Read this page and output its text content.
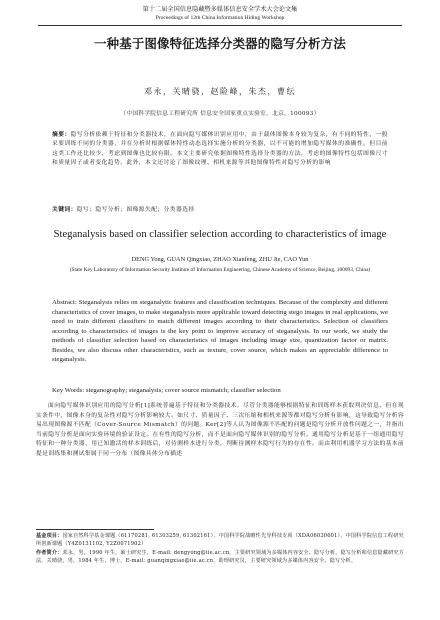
第十二届全国信息隐藏暨多媒体信息安全学术大会论文集
Proceedings of 12th China Information Hiding Workshop
一种基于图像特征选择分类器的隐写分析方法
邓永，关晴骁，赵险峰，朱杰，曹纭
（中国科学院信息工程研究所 信息安全国家重点实验室，北京，100093）
摘要：隐写分析依赖于特征和分类器技术，在面向隐写媒体识别应用中，由于载体图像本身较为复杂，有不同的特性，一般采要训练不同的分类器，并在分析时根据媒体特性动态选择实施分析的分类器，以不可能的增加隐写媒体的准确性。但目前这类工作还比较少，考虑到图像也比较有限。本文主要研究依据图像特性选择分类器的方法，考虑的图像特性包括图像尺寸和质量因子或者变化趋势。此外，本文还讨论了图像纹理、相机来源等其他图像特性对隐写分析的影响
关键词：隐写；隐写分析；图像源失配；分类器选择
Steganalysis based on classifier selection according to characteristics of image
DENG Yong, GUAN Qingxiao, ZHAO Xianfeng, ZHU Jie, CAO Yun
(State Key Laboratory of Information Security Institute of Information Engineering, Chinese Academy of Science, Beijing, 100093, China)
Abstract: Steganalysis relies on steganalytic features and classification techniques. Because of the complexity and different characteristics of cover images, to make steganalysis more applicable toward detecting stego images in real applications, we need to train different classifiers to match different images according to their characteristics. Selection of classifiers according to characteristics of images is the key point to improve accuracy of steganalysis. In our work, we study the methods of classifier selection based on characteristics of images including image size, quantization factor or matrix. Besides, we also discuss other characteristics, such as texture, cover source, which makes an appreciable difference to steganalysis.
Key Words: steganography; steganalysis; cover source mismatch; classifier selection
面向隐写媒体识别应用的隐写分析[1]系统普遍基于特征和分类器技术。尽管分类器能够根据特征和训练样本获取判决信息，但在现实条件中，图像本身的复杂性对隐写分析影响较大。如尺寸、质量因子、三次压缩和相机来源等都对隐写分析有影响，这导致隐写分析容易出现图像源不匹配（Cover-Source Mismatch）的问题。Ker[2]等人认为图像源不匹配的问题是隐写分析开放性问题之一，并指出当前隐写分析是面向实验环境的验证设定。在有性的隐写分析，而不是面向隐写媒体识别的隐写分析。通用隐写分析是基于一组通用隐写特征和一种分类器，用已知激活的样本训练后，对待测样本进行分类，判断待测样本隐写行为的存在性。而由利用机器学习方法的基本前提是训练集和测试集属于同一分布（图像具体分布描述

基金项目：国家自然科学基金课题（61170281, 61303259, 61302161）、中国科学院战略性先导科技专项（XDA06030601）、中国科学院信息工程研究所创新课题（Y4Z0131102, Y2Z0071902）

作者简介：邓永，男，1990 年生，硕士研究生，E-mail: dengyong@iie.ac.cn，主要研究领域为多媒体内容安全、隐写分析。隐写分析和信息隐藏研究方法，关晴骁，男，1984 年生，博士，E-mail: guanqingxiao@iie.ac.cn，助理研究员，主要研究领域为多媒体内容安全、隐写分析。
